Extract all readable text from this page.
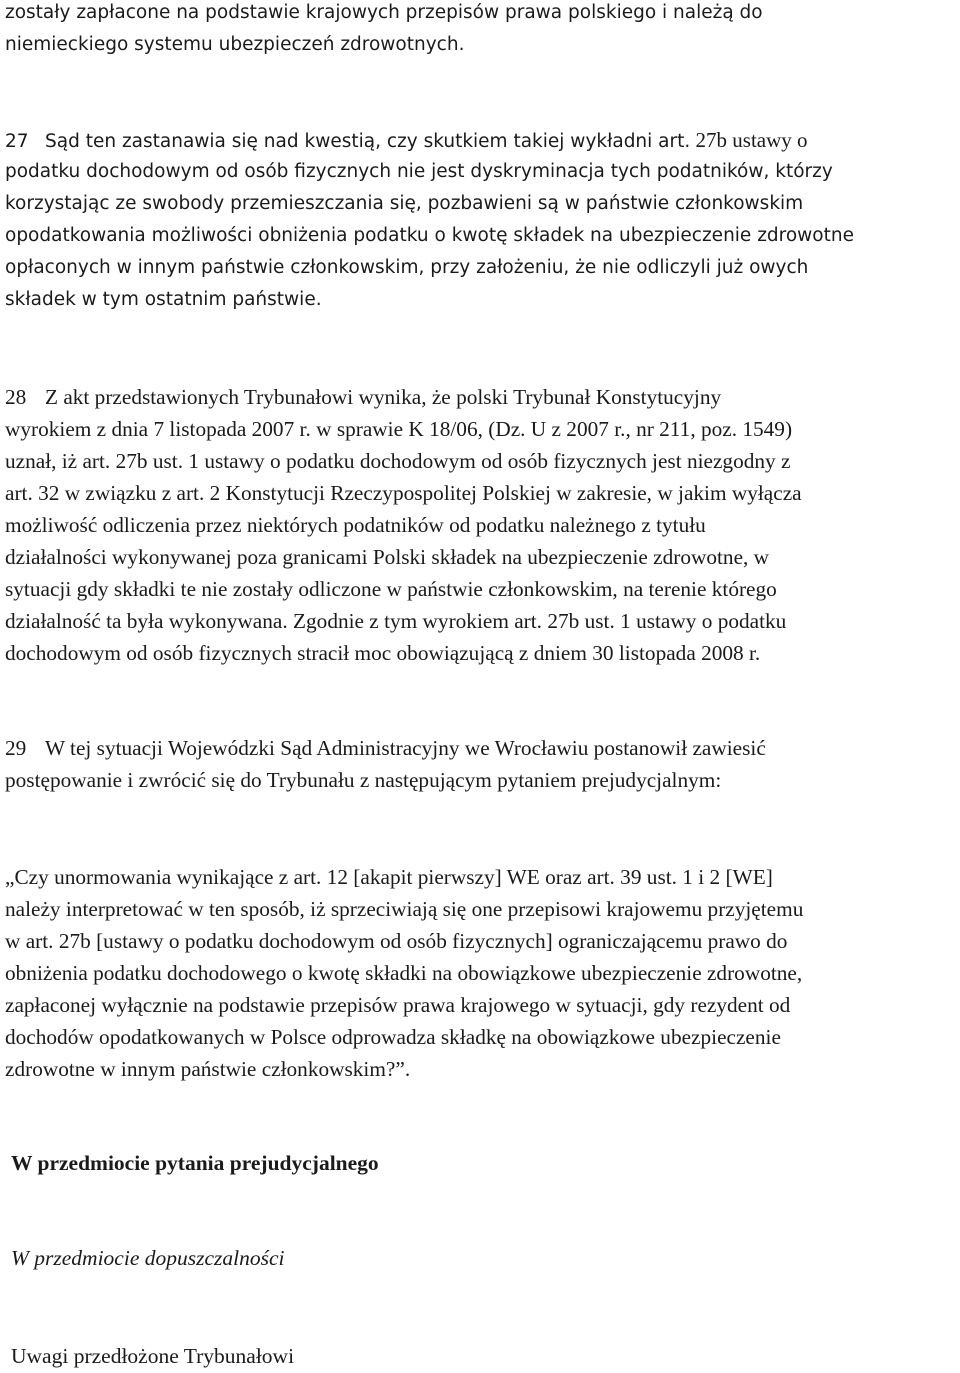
zostały zapłacone na podstawie krajowych przepisów prawa polskiego i należą do
niemieckiego systemu ubezpieczeń zdrowotnych.
27 Sąd ten zastanawia się nad kwestią, czy skutkiem takiej wykładni art. 27b ustawy o
podatku dochodowym od osób fizycznych nie jest dyskryminacja tych podatników, którzy
korzystając ze swobody przemieszczania się, pozbawieni są w państwie członkowskim
opodatkowania możliwości obniżenia podatku o kwotę składek na ubezpieczenie zdrowotne
opłaconych w innym państwie członkowskim, przy założeniu, że nie odliczyli już owych
składek w tym ostatnim państwie.
28 Z akt przedstawionych Trybunałowi wynika, że polski Trybunał Konstytucyjny
wyrokiem z dnia 7 listopada 2007 r. w sprawie K 18/06, (Dz. U z 2007 r., nr 211, poz. 1549)
uznał, iż art. 27b ust. 1 ustawy o podatku dochodowym od osób fizycznych jest niezgodny z
art. 32 w związku z art. 2 Konstytucji Rzeczypospolitej Polskiej w zakresie, w jakim wyłącza
możliwość odliczenia przez niektórych podatników od podatku należnego z tytułu
działalności wykonywanej poza granicami Polski składek na ubezpieczenie zdrowotne, w
sytuacji gdy składki te nie zostały odliczone w państwie członkowskim, na terenie którego
działalność ta była wykonywana. Zgodnie z tym wyrokiem art. 27b ust. 1 ustawy o podatku
dochodowym od osób fizycznych stracił moc obowiązującą z dniem 30 listopada 2008 r.
29 W tej sytuacji Wojewódzki Sąd Administracyjny we Wrocławiu postanowił zawiesić
postępowanie i zwrócić się do Trybunału z następującym pytaniem prejudycjalnym:
„Czy unormowania wynikające z art. 12 [akapit pierwszy] WE oraz art. 39 ust. 1 i 2 [WE]
należy interpretować w ten sposób, iż sprzeciwiają się one przepisowi krajowemu przyjętemu
w art. 27b [ustawy o podatku dochodowym od osób fizycznych] ograniczającemu prawo do
obniżenia podatku dochodowego o kwotę składki na obowiązkowe ubezpieczenie zdrowotne,
zapłaconej wyłącznie na podstawie przepisów prawa krajowego w sytuacji, gdy rezydent od
dochodów opodatkowanych w Polsce odprowadza składkę na obowiązkowe ubezpieczenie
zdrowotne w innym państwie członkowskim?”.
W przedmiocie pytania prejudycjalnego
W przedmiocie dopuszczalności
Uwagi przedłożone Trybunałowi
